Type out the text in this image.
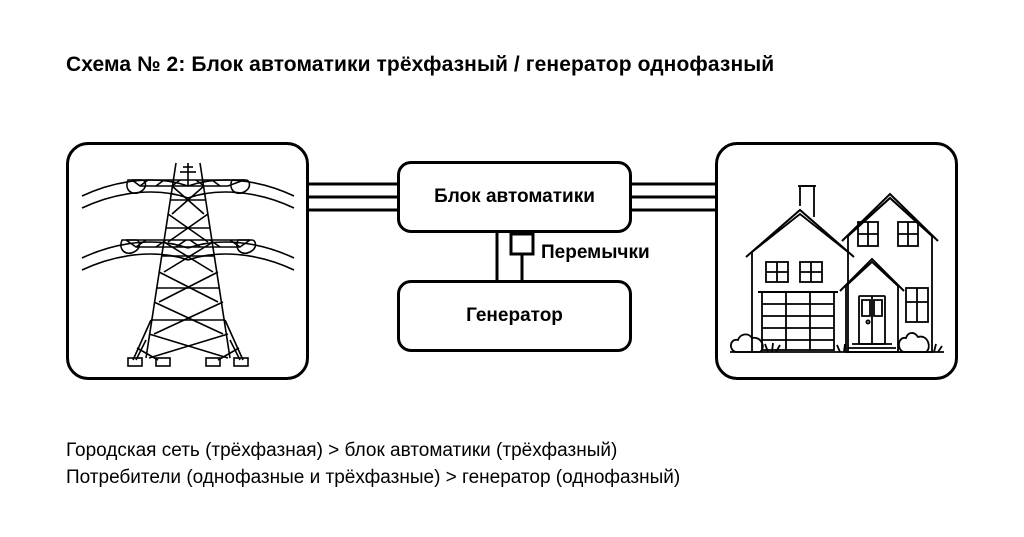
Схема № 2: Блок автоматики трёхфазный / генератор однофазный
Блок автоматики
Генератор
Перемычки
Городская сеть (трёхфазная) > блок автоматики (трёхфазный)
Потребители (однофазные и трёхфазные) > генератор (однофазный)
